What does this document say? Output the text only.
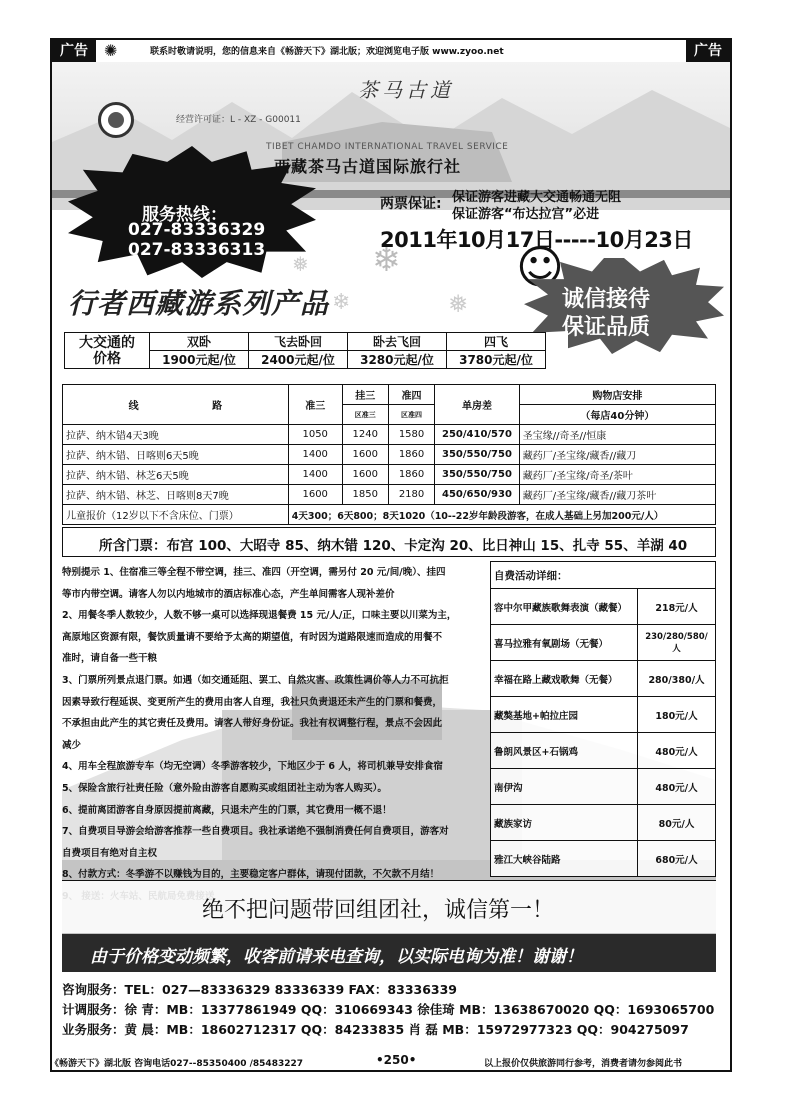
广告	✺	联系时敬请说明，您的信息来自《畅游天下》湖北版；欢迎浏览电子版 www.zyoo.net	广告
经营许可证：L - XZ - G00011
茶马古道
TIBET CHAMDO INTERNATIONAL TRAVEL SERVICE
西藏茶马古道国际旅行社
❄
❄
❅
❅
服务热线：
027-83336329
027-83336313
两票保证: 保证游客进藏大交通畅通无阻
保证游客“布达拉宫”必进
2011年10月17日-----10月23日
☺
行者西藏游系列产品	诚信接待
保证品质
大交通的
价格	双卧	飞去卧回	卧去飞回	四飞
	1900元起/位	2400元起/位	3280元起/位	3780元起/位
线 路	准三	挂三	准四	单房差	购物店安排
		区准三	区准四		（每店40分钟）
拉萨、纳木错4天3晚	1050	1240	1580	250/410/570	圣宝缘//奇圣//恒康
拉萨、纳木错、日喀则6天5晚	1400	1600	1860	350/550/750	藏药厂/圣宝缘/藏香//藏刀
拉萨、纳木错、林芝6天5晚	1400	1600	1860	350/550/750	藏药厂/圣宝缘/奇圣/茶叶
拉萨、纳木错、林芝、日喀则8天7晚	1600	1850	2180	450/650/930	藏药厂/圣宝缘/藏香//藏刀茶叶
儿童报价（12岁以下不含床位、门票）	4天300；6天800；8天1020（10--22岁年龄段游客，在成人基础上另加200元/人）				
所含门票：布宫 100、大昭寺 85、纳木错 120、卡定沟 20、比日神山 15、扎寺 55、羊湖 40
特别提示 1、住宿准三等全程不带空调，挂三、准四（开空调，需另付 20 元/间/晚）、挂四
等市内带空调。请客人勿以内地城市的酒店标准心态，产生单间需客人现补差价
2、用餐冬季人数较少，人数不够一桌可以选择现退餐费 15 元/人/正，口味主要以川菜为主，
高原地区资源有限，餐饮质量请不要给予太高的期望值，有时因为道路限速而造成的用餐不
准时，请自备一些干粮
3、门票所列景点退门票。如遇（如交通延阻、罢工、自然灾害、政策性调价等人力不可抗拒
因素导致行程延误、变更所产生的费用由客人自理，我社只负责退还未产生的门票和餐费，
不承担由此产生的其它责任及费用。请客人带好身份证。我社有权调整行程，景点不会因此
减少
4、用车全程旅游专车（均无空调）冬季游客较少，下地区少于 6 人，将司机兼导安排食宿
5、保险含旅行社责任险（意外险由游客自愿购买或组团社主动为客人购买）。
6、提前离团游客自身原因提前离藏，只退未产生的门票，其它费用一概不退！
7、自费项目导游会给游客推荐一些自费项目。我社承诺绝不强制消费任何自费项目，游客对
自费项目有绝对自主权
8、付款方式：冬季游不以赚钱为目的，主要稳定客户群体，请现付团款，不欠款不月结！
自费活动详细：	
容中尔甲藏族歌舞表演（藏餐）	218元/人
喜马拉雅有氧剧场（无餐）	230/280/580/人
幸福在路上藏戏歌舞（无餐）	280/380/人
藏獒基地+帕拉庄园	180元/人
鲁朗风景区+石锅鸡	480元/人
南伊沟	480元/人
藏族家访	80元/人
雅江大峡谷陆路	680元/人
绝不把问题带回组团社，诚信第一！
由于价格变动频繁，收客前请来电查询，以实际电询为准！谢谢！
咨询服务：TEL：027—83336329 83336339 FAX：83336339
计调服务：徐 青：MB：13377861949 QQ：310669343 徐佳琦 MB：13638670020 QQ：1693065700
业务服务：黄 晨：MB：18602712317 QQ：84233835 肖 磊 MB：15972977323 QQ：904275097
《畅游天下》湖北版 咨询电话027--85350400 /85483227	•250•	以上报价仅供旅游同行参考，消费者请勿参阅此书
